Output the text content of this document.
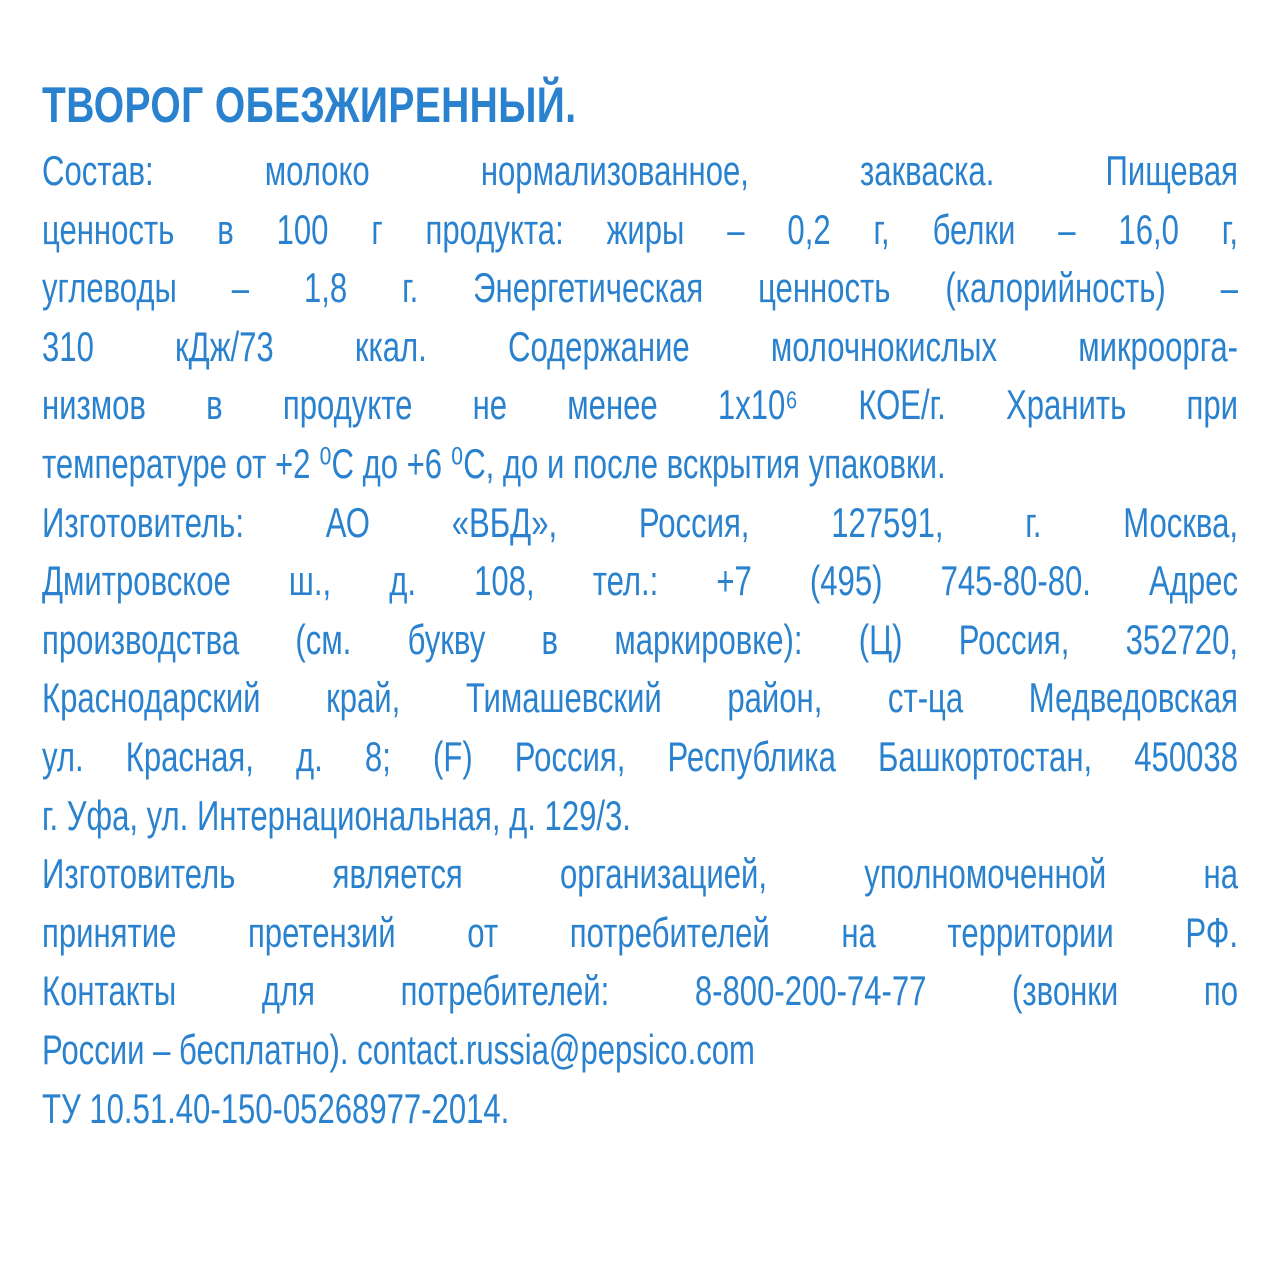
ТВОРОГ ОБЕЗЖИРЕННЫЙ.

Состав: молоко нормализованное, закваска. Пищевая
ценность в 100 г продукта: жиры – 0,2 г, белки – 16,0 г,
углеводы – 1,8 г. Энергетическая ценность (калорийность) –
310 кДж/73 ккал. Содержание молочнокислых микроорга-
низмов в продукте не менее 1х10⁶ КОЕ/г. Хранить при
температуре от +2 ⁰С до +6 ⁰С, до и после вскрытия упаковки.

Изготовитель: АО «ВБД», Россия, 127591, г. Москва,
Дмитровское ш., д. 108, тел.: +7 (495) 745-80-80. Адрес
производства (см. букву в маркировке): (Ц) Россия, 352720,
Краснодарский край, Тимашевский район, ст-ца Медведовская
ул. Красная, д. 8; (F) Россия, Республика Башкортостан, 450038
г. Уфа, ул. Интернациональная, д. 129/3.

Изготовитель является организацией, уполномоченной на
принятие претензий от потребителей на территории РФ.
Контакты для потребителей: 8-800-200-74-77 (звонки по
России – бесплатно). contact.russia@pepsico.com

ТУ 10.51.40-150-05268977-2014.
